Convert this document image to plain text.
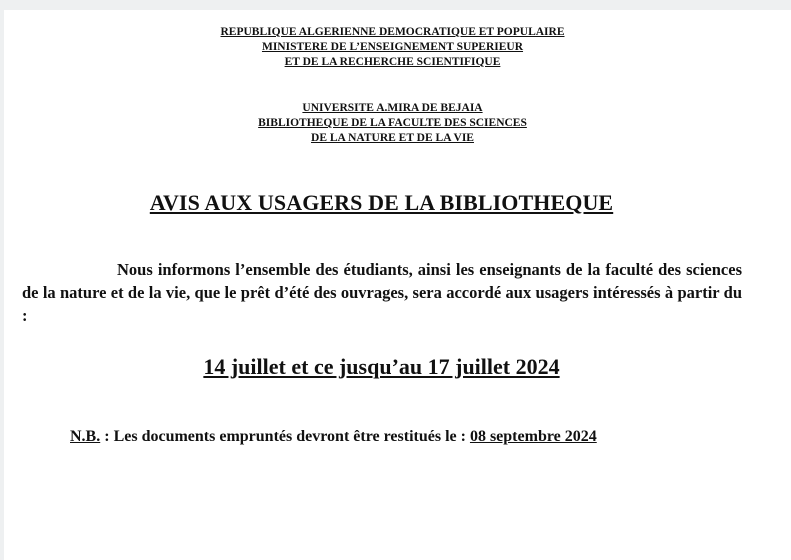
REPUBLIQUE ALGERIENNE DEMOCRATIQUE ET POPULAIRE
MINISTERE DE L’ENSEIGNEMENT SUPERIEUR
ET DE LA RECHERCHE SCIENTIFIQUE
UNIVERSITE A.MIRA DE BEJAIA
BIBLIOTHEQUE DE LA FACULTE DES SCIENCES
DE LA NATURE ET DE LA VIE
AVIS AUX USAGERS DE LA BIBLIOTHEQUE
Nous informons l’ensemble des étudiants, ainsi les enseignants de la faculté des sciences de la nature et de la vie, que le prêt d’été des ouvrages, sera accordé aux usagers intéressés à partir du :
14 juillet et ce jusqu’au 17 juillet 2024
N.B. : Les documents empruntés devront être restitués le : 08 septembre 2024
